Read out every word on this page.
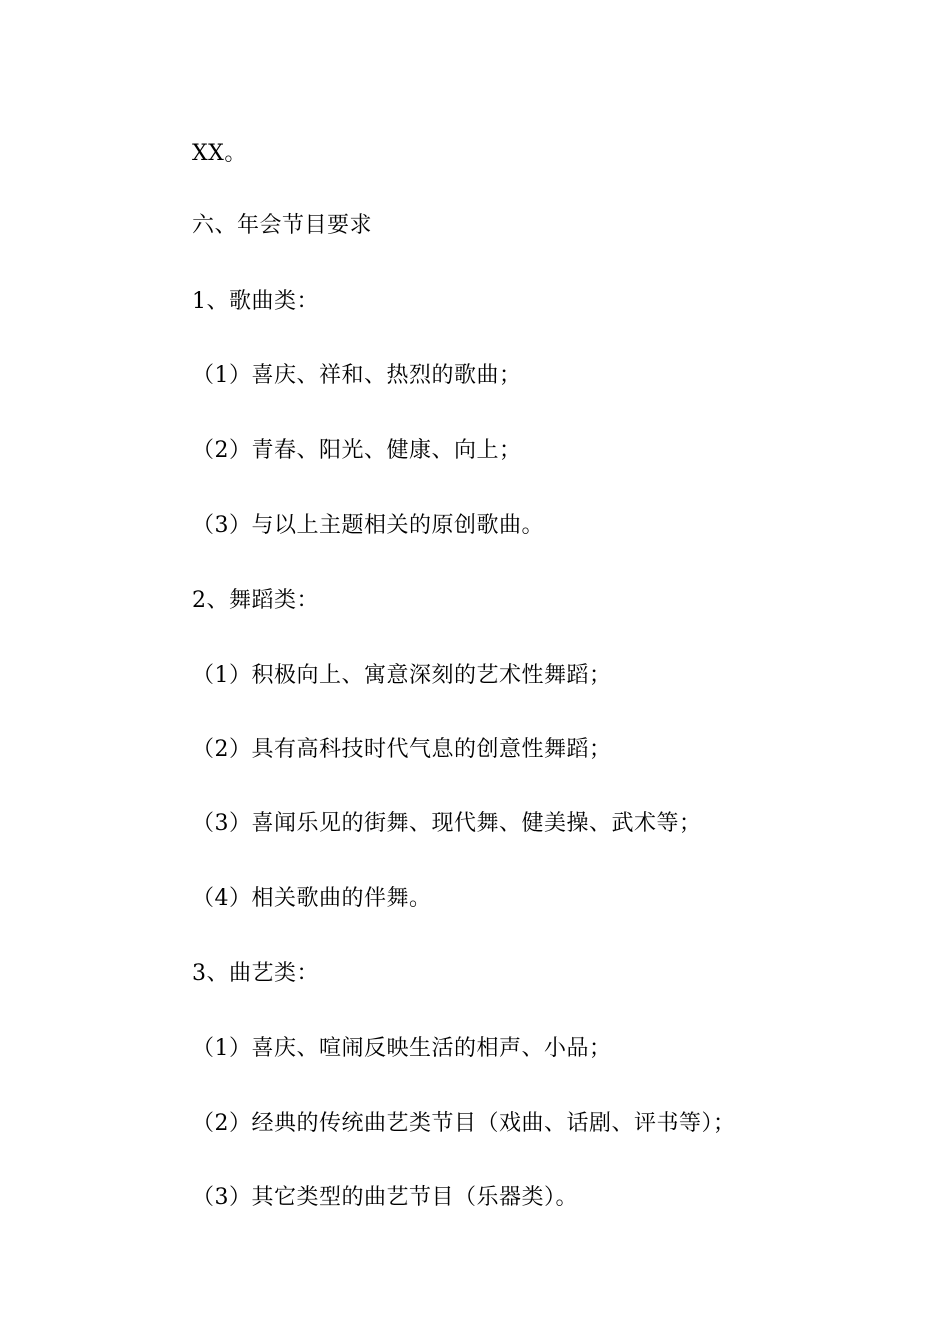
XX。
六、年会节目要求
1、歌曲类：
（1）喜庆、祥和、热烈的歌曲；
（2）青春、阳光、健康、向上；
（3）与以上主题相关的原创歌曲。
2、舞蹈类：
（1）积极向上、寓意深刻的艺术性舞蹈；
（2）具有高科技时代气息的创意性舞蹈；
（3）喜闻乐见的街舞、现代舞、健美操、武术等；
（4）相关歌曲的伴舞。
3、曲艺类：
（1）喜庆、喧闹反映生活的相声、小品；
（2）经典的传统曲艺类节目（戏曲、话剧、评书等）；
（3）其它类型的曲艺节目（乐器类）。
